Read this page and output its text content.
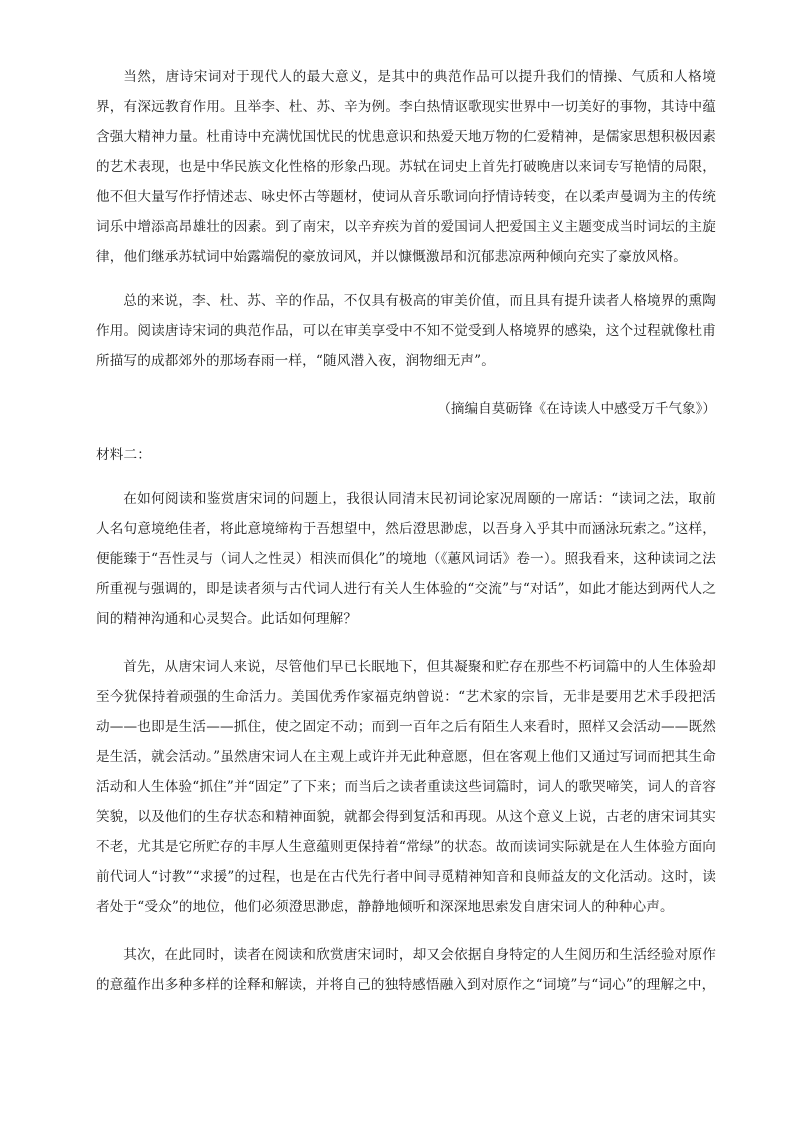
当然，唐诗宋词对于现代人的最大意义，是其中的典范作品可以提升我们的情操、气质和人格境界，有深远教育作用。且举李、杜、苏、辛为例。李白热情讴歌现实世界中一切美好的事物，其诗中蕴含强大精神力量。杜甫诗中充满忧国忧民的忧患意识和热爱天地万物的仁爱精神，是儒家思想积极因素的艺术表现，也是中华民族文化性格的形象凸现。苏轼在词史上首先打破晚唐以来词专写艳情的局限，他不但大量写作抒情述志、咏史怀古等题材，使词从音乐歌词向抒情诗转变，在以柔声曼调为主的传统词乐中增添高昂雄壮的因素。到了南宋，以辛弃疾为首的爱国词人把爱国主义主题变成当时词坛的主旋律，他们继承苏轼词中始露端倪的豪放词风，并以慷慨激昂和沉郁悲凉两种倾向充实了豪放风格。

总的来说，李、杜、苏、辛的作品，不仅具有极高的审美价值，而且具有提升读者人格境界的熏陶作用。阅读唐诗宋词的典范作品，可以在审美享受中不知不觉受到人格境界的感染，这个过程就像杜甫所描写的成都郊外的那场春雨一样，“随风潜入夜，润物细无声”。

（摘编自莫砺锋《在诗读人中感受万千气象》）

材料二：

在如何阅读和鉴赏唐宋词的问题上，我很认同清末民初词论家况周颐的一席话：“读词之法，取前人名句意境绝佳者，将此意境缔构于吾想望中，然后澄思渺虑，以吾身入乎其中而涵泳玩索之。”这样，便能臻于“吾性灵与（词人之性灵）相浃而俱化”的境地（《蕙风词话》卷一）。照我看来，这种读词之法所重视与强调的，即是读者须与古代词人进行有关人生体验的“交流”与“对话”，如此才能达到两代人之间的精神沟通和心灵契合。此话如何理解？

首先，从唐宋词人来说，尽管他们早已长眠地下，但其凝聚和贮存在那些不朽词篇中的人生体验却至今犹保持着顽强的生命活力。美国优秀作家福克纳曾说：“艺术家的宗旨，无非是要用艺术手段把活动——也即是生活——抓住，使之固定不动；而到一百年之后有陌生人来看时，照样又会活动——既然是生活，就会活动。”虽然唐宋词人在主观上或许并无此种意愿，但在客观上他们又通过写词而把其生命活动和人生体验“抓住”并“固定”了下来；而当后之读者重读这些词篇时，词人的歌哭啼笑，词人的音容笑貌，以及他们的生存状态和精神面貌，就都会得到复活和再现。从这个意义上说，古老的唐宋词其实不老，尤其是它所贮存的丰厚人生意蕴则更保持着“常绿”的状态。故而读词实际就是在人生体验方面向前代词人“讨教”“求援”的过程，也是在古代先行者中间寻觅精神知音和良师益友的文化活动。这时，读者处于“受众”的地位，他们必须澄思渺虑，静静地倾听和深深地思索发自唐宋词人的种种心声。

其次，在此同时，读者在阅读和欣赏唐宋词时，却又会依据自身特定的人生阅历和生活经验对原作的意蕴作出多种多样的诠释和解读，并将自己的独特感悟融入到对原作之“词境”与“词心”的理解之中，
